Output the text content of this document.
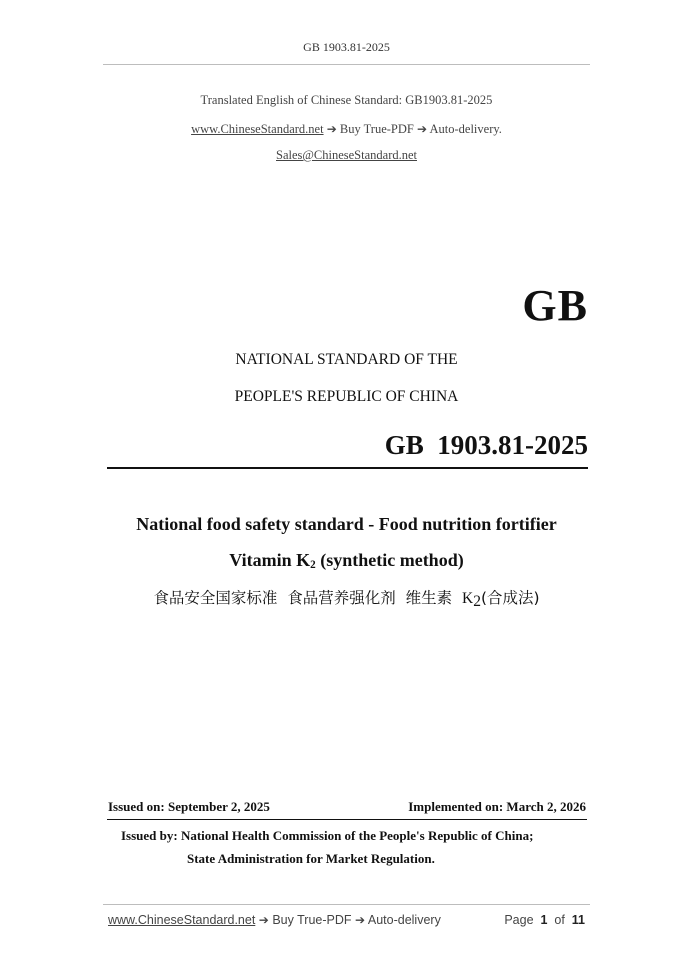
GB 1903.81-2025
Translated English of Chinese Standard: GB1903.81-2025
www.ChineseStandard.net ➔ Buy True-PDF ➔ Auto-delivery.
Sales@ChineseStandard.net
GB
NATIONAL STANDARD OF THE
PEOPLE'S REPUBLIC OF CHINA
GB  1903.81-2025
National food safety standard - Food nutrition fortifier
Vitamin $K_2$ (synthetic method)
食品安全国家标准  食品营养强化剂  维生素  $K_2$(合成法)
Issued on: September 2, 2025	Implemented on: March 2, 2026
Issued by: National Health Commission of the People's Republic of China;
State Administration for Market Regulation.
www.ChineseStandard.net ➔ Buy True-PDF ➔ Auto-delivery	Page 1 of 11
